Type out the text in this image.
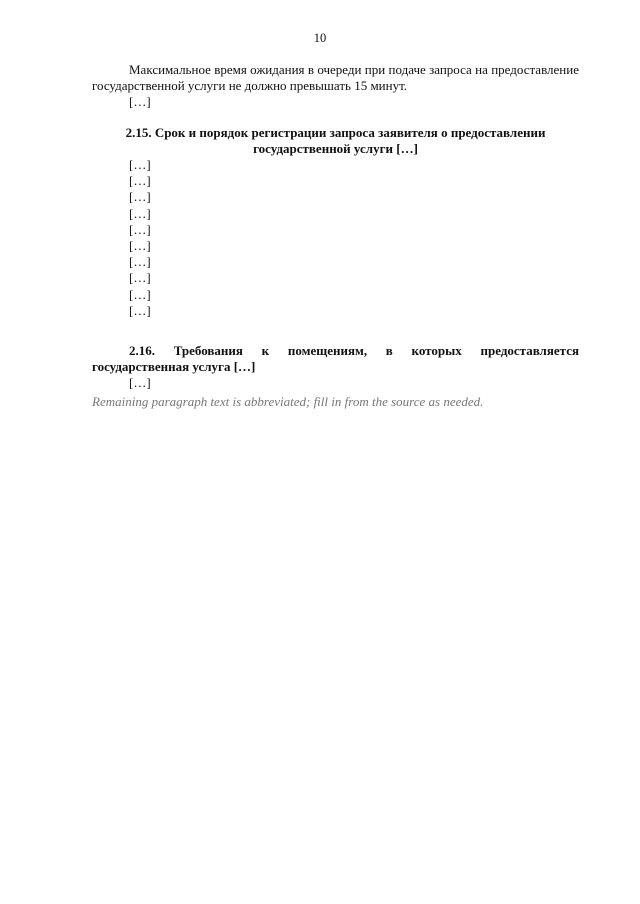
10

Максимальное время ожидания в очереди при подаче запроса на предоставление государственной услуги не должно превышать 15 минут.

[…]

2.15. Срок и порядок регистрации запроса заявителя о предоставлении государственной услуги […]

[…]

[…]

[…]

[…]

[…]

[…]

[…]

[…]

[…]

[…]

2.16. Требования к помещениям, в которых предоставляется государственная услуга […]

[…]

Remaining paragraph text is abbreviated; fill in from the source as needed.
